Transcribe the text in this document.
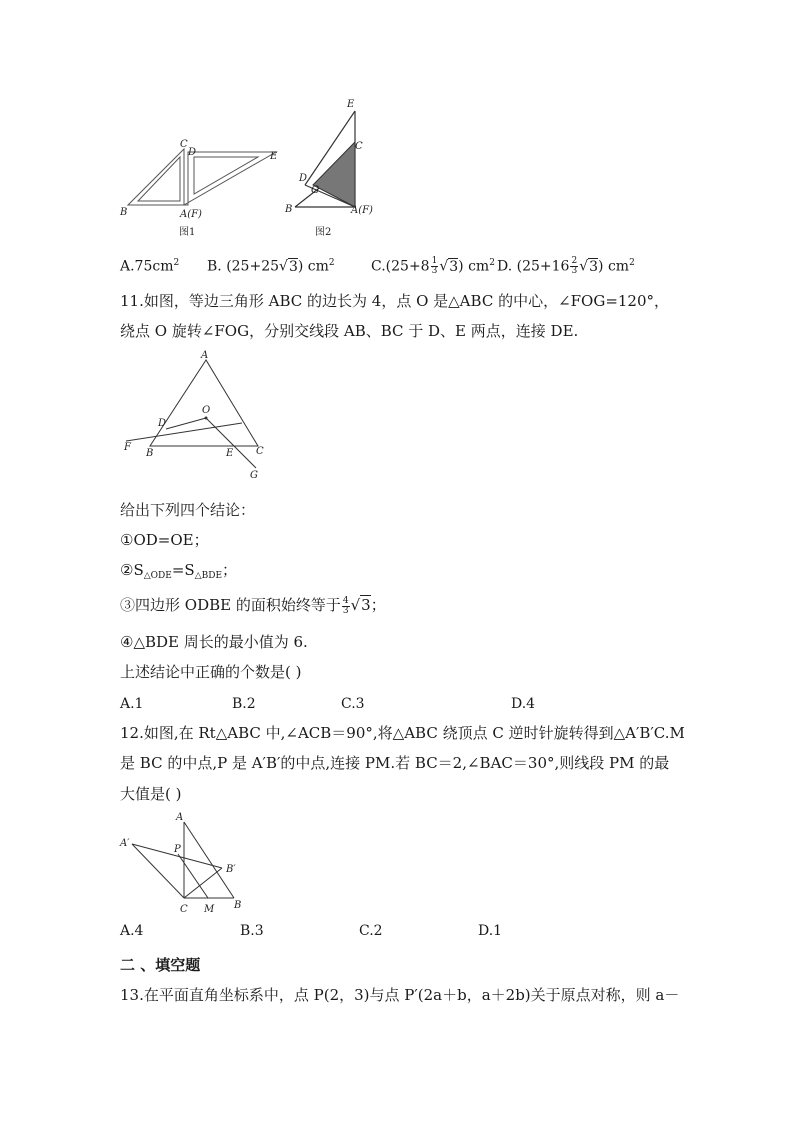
C
D	E
B	A(F)
图1
E
C
D
G
B	A(F)
图2
$A.75cm^2$ B. (25+25√3) $cm^2$	$C.(25+8 \frac{1}{3} √3)$ $cm^2$ D. $(25+16 \frac{2}{3} √3)$ $cm^2$
11.如图，等边三角形 ABC 的边长为 4，点 O 是△ABC 的中心，∠FOG=120°，
绕点 O 旋转∠FOG，分别交线段 AB、BC 于 D、E 两点，连接 DE.
A
O
D
F
B	E C
G
给出下列四个结论：
①OD=OE；
$②S_{\triangle ODE}=S_{\triangle BDE}$；
③四边形 ODBE 的面积始终等于 $\frac{4}{3} √3$；
④△BDE 周长的最小值为 6.
上述结论中正确的个数是( )
A.1	B.2	C.3	D.4
12.如图,在 Rt△ABC 中,∠ACB＝90°,将△ABC 绕顶点 C 逆时针旋转得到△A′B′C.M
是 BC 的中点,P 是 A′B′的中点,连接 PM.若 BC＝2,∠BAC＝30°,则线段 PM 的最
大值是( )
A
A′
P
B′
C M B
A.4	B.3	C.2	D.1
二 、填空题
13.在平面直角坐标系中，点 P(2，3)与点 P′(2a＋b，a＋2b)关于原点对称，则 a－
